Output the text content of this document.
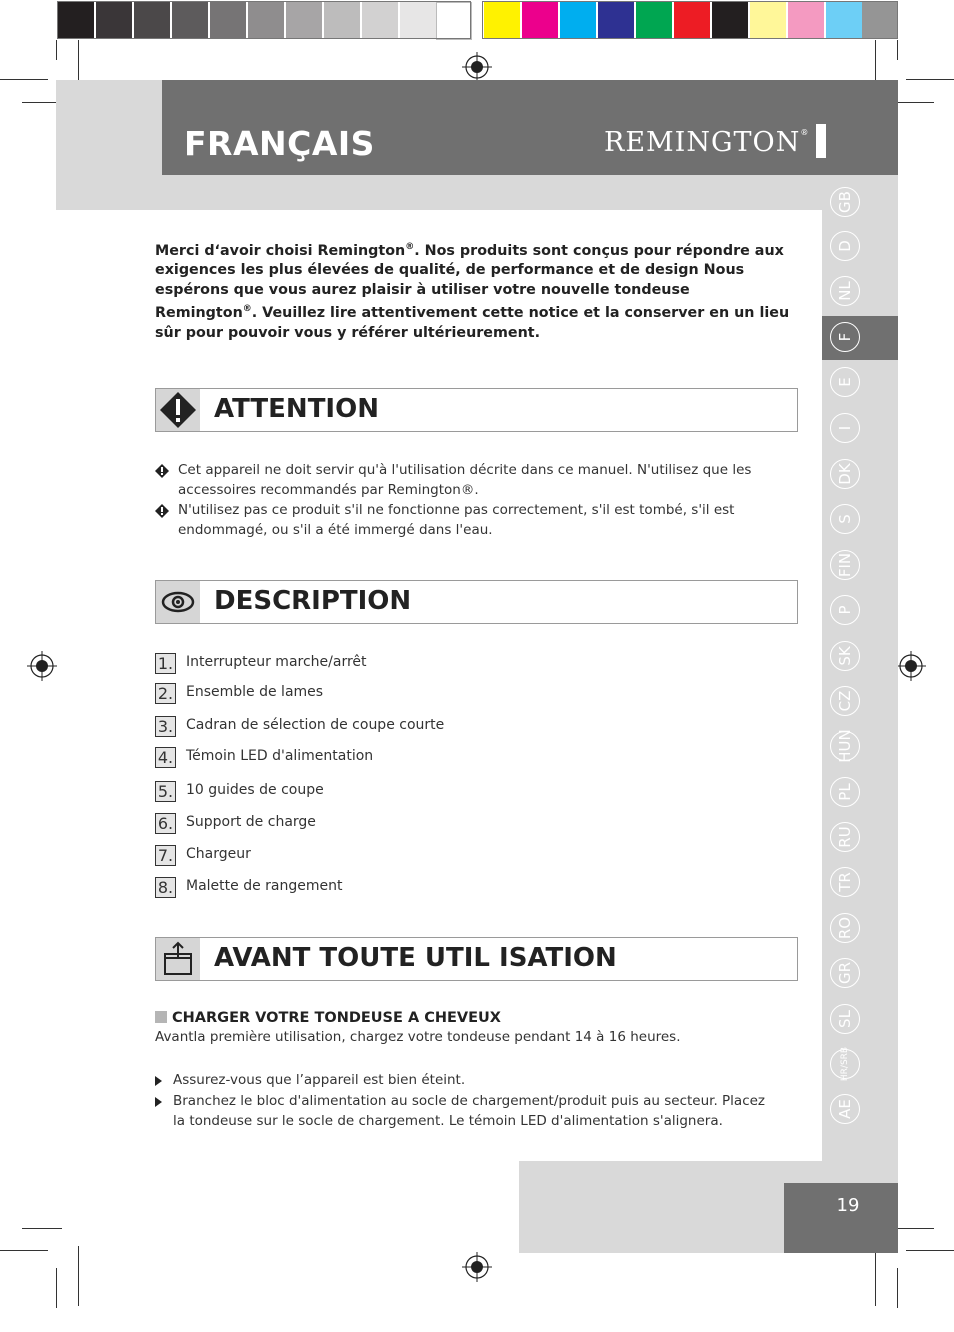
FRANÇAIS	REMINGTON®
GB
D
NL
F
E
I
DK
S
FIN
P
SK
CZ
HUN
PL
RU
TR
RO
GR
SL
HR/SRB
AE
Merci d‘avoir choisi Remington®. Nos produits sont conçus pour répondre aux exigences les plus élevées de qualité, de performance et de design Nous espérons que vous aurez plaisir à utiliser votre nouvelle tondeuse Remington®. Veuillez lire attentivement cette notice et la conserver en un lieu sûr pour pouvoir vous y référer ultérieurement.
ATTENTION
Cet appareil ne doit servir qu'à l'utilisation décrite dans ce manuel. N'utilisez que les accessoires recommandés par Remington®.
N'utilisez pas ce produit s'il ne fonctionne pas correctement, s'il est tombé, s'il est endommagé, ou s'il a été immergé dans l'eau.
DESCRIPTION
1. Interrupteur marche/arrêt
2. Ensemble de lames
3. Cadran de sélection de coupe courte
4. Témoin LED d'alimentation
5. 10 guides de coupe
6. Support de charge
7. Chargeur
8. Malette de rangement
AVANT TOUTE UTIL ISATION
CHARGER VOTRE TONDEUSE A CHEVEUX
Avantla première utilisation, chargez votre tondeuse pendant 14 à 16 heures.
Assurez-vous que l’appareil est bien éteint.
Branchez le bloc d'alimentation au socle de chargement/produit puis au secteur. Placez la tondeuse sur le socle de chargement. Le témoin LED d'alimentation s'alignera.
19
